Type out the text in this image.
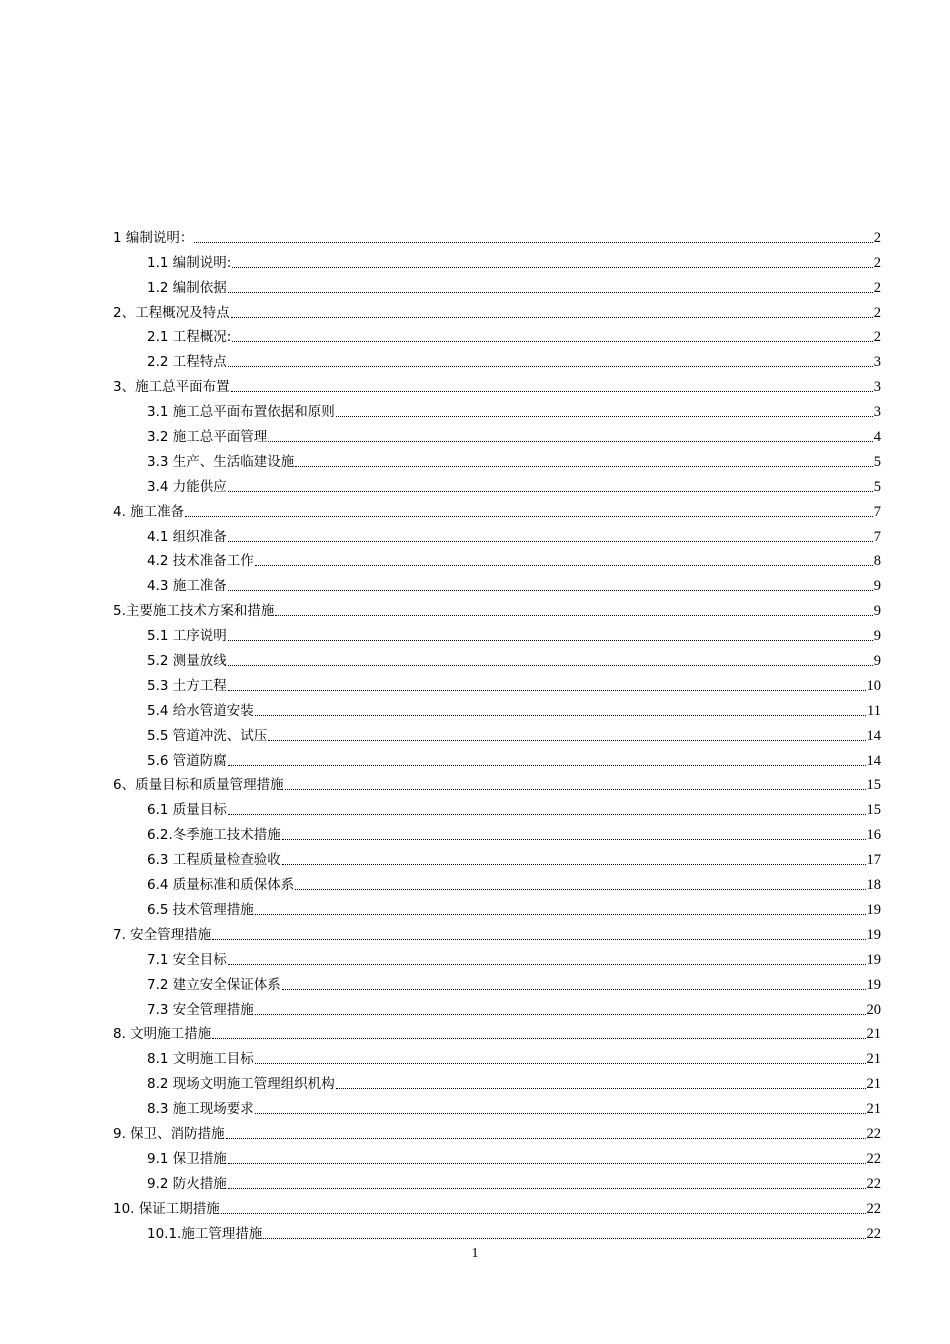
1 编制说明：	2
1.1 编制说明:	2
1.2 编制依据	2
2、工程概况及特点	2
2.1 工程概况:	2
2.2 工程特点	3
3、施工总平面布置	3
3.1 施工总平面布置依据和原则	3
3.2 施工总平面管理	4
3.3 生产、生活临建设施	5
3.4 力能供应	5
4. 施工准备	7
4.1 组织准备	7
4.2 技术准备工作	8
4.3 施工准备	9
5.主要施工技术方案和措施	9
5.1 工序说明	9
5.2 测量放线	9
5.3 土方工程	10
5.4 给水管道安装	11
5.5 管道冲洗、试压	14
5.6 管道防腐	14
6、质量目标和质量管理措施	15
6.1 质量目标	15
6.2.冬季施工技术措施	16
6.3 工程质量检查验收	17
6.4 质量标准和质保体系	18
6.5 技术管理措施	19
7. 安全管理措施	19
7.1 安全目标	19
7.2 建立安全保证体系	19
7.3 安全管理措施	20
8. 文明施工措施	21
8.1 文明施工目标	21
8.2 现场文明施工管理组织机构	21
8.3 施工现场要求	21
9. 保卫、消防措施	22
9.1 保卫措施	22
9.2 防火措施	22
10. 保证工期措施	22
10.1.施工管理措施	22
1
